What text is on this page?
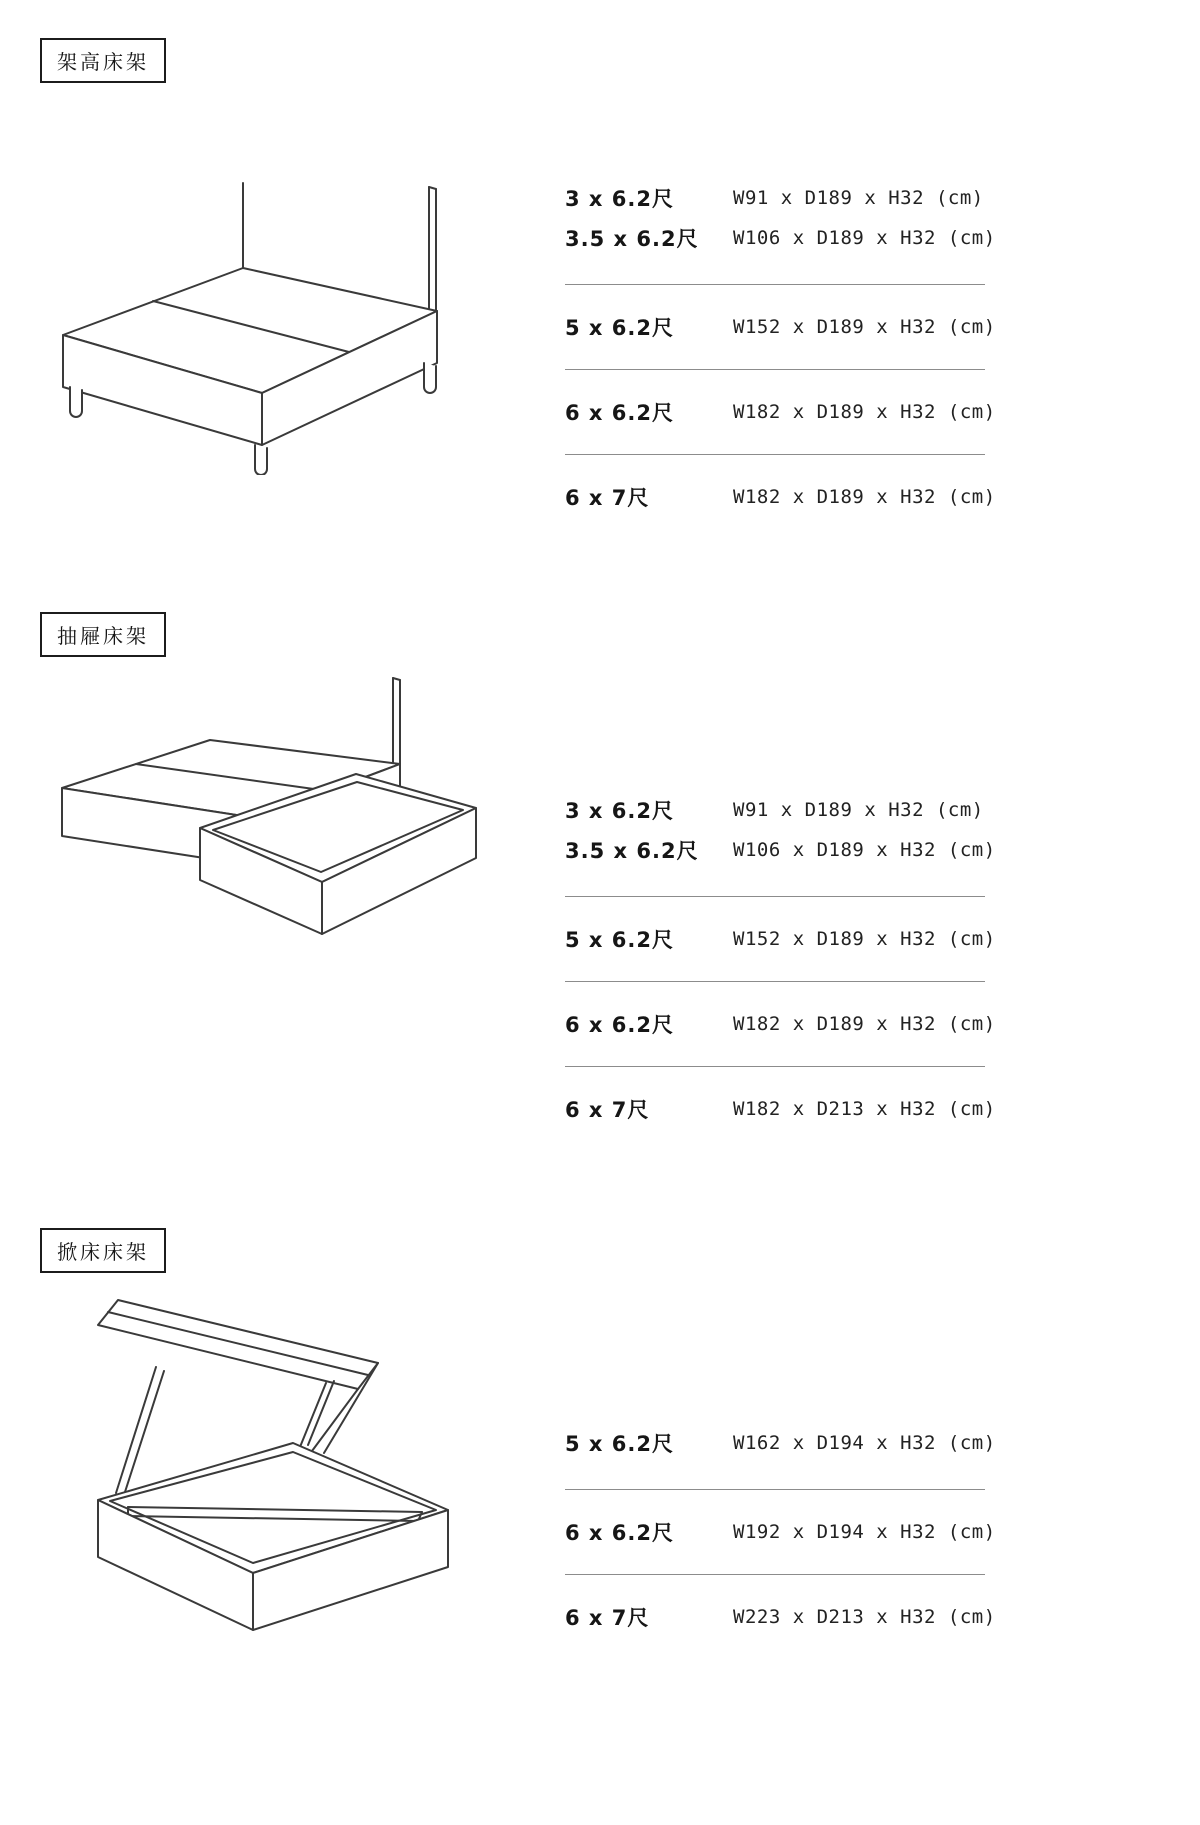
架高床架
3 x 6.2尺	W91 x D189 x H32 (cm)
3.5 x 6.2尺	W106 x D189 x H32 (cm)
5 x 6.2尺	W152 x D189 x H32 (cm)
6 x 6.2尺	W182 x D189 x H32 (cm)
6 x 7尺	W182 x D189 x H32 (cm)
抽屜床架
3 x 6.2尺	W91 x D189 x H32 (cm)
3.5 x 6.2尺	W106 x D189 x H32 (cm)
5 x 6.2尺	W152 x D189 x H32 (cm)
6 x 6.2尺	W182 x D189 x H32 (cm)
6 x 7尺	W182 x D213 x H32 (cm)
掀床床架
5 x 6.2尺	W162 x D194 x H32 (cm)
6 x 6.2尺	W192 x D194 x H32 (cm)
6 x 7尺	W223 x D213 x H32 (cm)
